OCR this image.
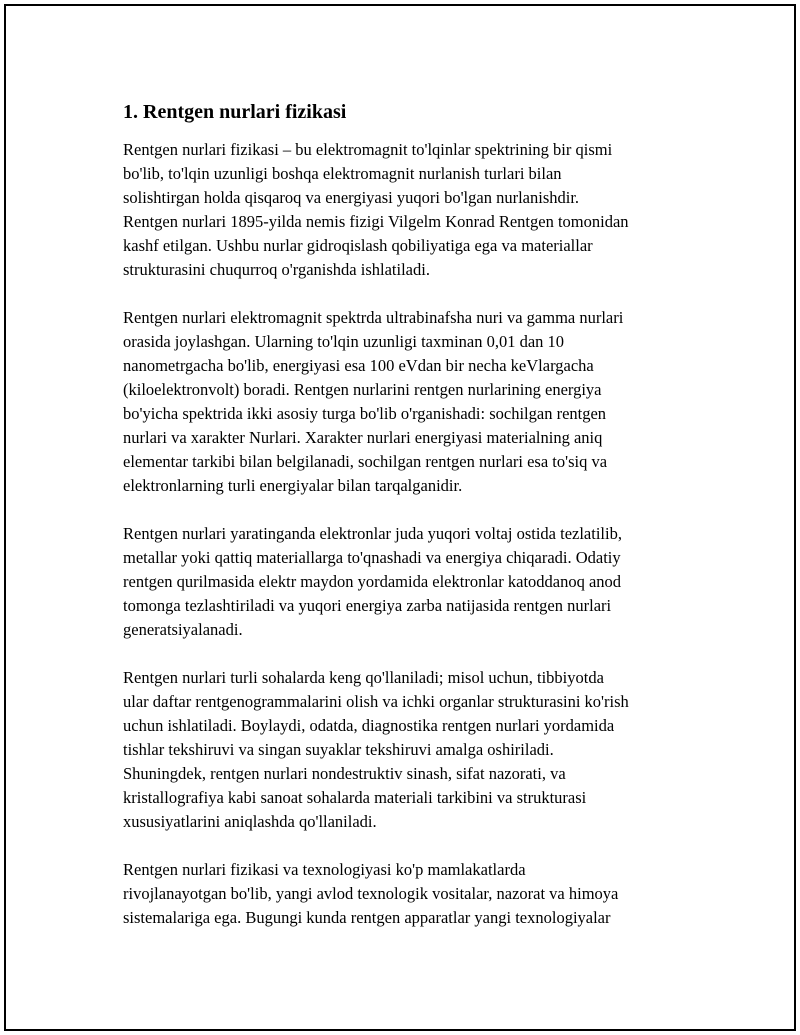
1. Rentgen nurlari fizikasi

Rentgen nurlari fizikasi – bu elektromagnit to'lqinlar spektrining bir qismi
bo'lib, to'lqin uzunligi boshqa elektromagnit nurlanish turlari bilan
solishtirgan holda qisqaroq va energiyasi yuqori bo'lgan nurlanishdir.
Rentgen nurlari 1895-yilda nemis fizigi Vilgelm Konrad Rentgen tomonidan
kashf etilgan. Ushbu nurlar gidroqislash qobiliyatiga ega va materiallar
strukturasini chuqurroq o'rganishda ishlatiladi.

Rentgen nurlari elektromagnit spektrda ultrabinafsha nuri va gamma nurlari
orasida joylashgan. Ularning to'lqin uzunligi taxminan 0,01 dan 10
nanometrgacha bo'lib, energiyasi esa 100 eVdan bir necha keVlargacha
(kiloelektronvolt) boradi. Rentgen nurlarini rentgen nurlarining energiya
bo'yicha spektrida ikki asosiy turga bo'lib o'rganishadi: sochilgan rentgen
nurlari va xarakter Nurlari. Xarakter nurlari energiyasi materialning aniq
elementar tarkibi bilan belgilanadi, sochilgan rentgen nurlari esa to'siq va
elektronlarning turli energiyalar bilan tarqalganidir.

Rentgen nurlari yaratinganda elektronlar juda yuqori voltaj ostida tezlatilib,
metallar yoki qattiq materiallarga to'qnashadi va energiya chiqaradi. Odatiy
rentgen qurilmasida elektr maydon yordamida elektronlar katoddanoq anod
tomonga tezlashtiriladi va yuqori energiya zarba natijasida rentgen nurlari
generatsiyalanadi.

Rentgen nurlari turli sohalarda keng qo'llaniladi; misol uchun, tibbiyotda
ular daftar rentgenogrammalarini olish va ichki organlar strukturasini ko'rish
uchun ishlatiladi. Boylaydi, odatda, diagnostika rentgen nurlari yordamida
tishlar tekshiruvi va singan suyaklar tekshiruvi amalga oshiriladi.
Shuningdek, rentgen nurlari nondestruktiv sinash, sifat nazorati, va
kristallografiya kabi sanoat sohalarda materiali tarkibini va strukturasi
xususiyatlarini aniqlashda qo'llaniladi.

Rentgen nurlari fizikasi va texnologiyasi ko'p mamlakatlarda
rivojlanayotgan bo'lib, yangi avlod texnologik vositalar, nazorat va himoya
sistemalariga ega. Bugungi kunda rentgen apparatlar yangi texnologiyalar
